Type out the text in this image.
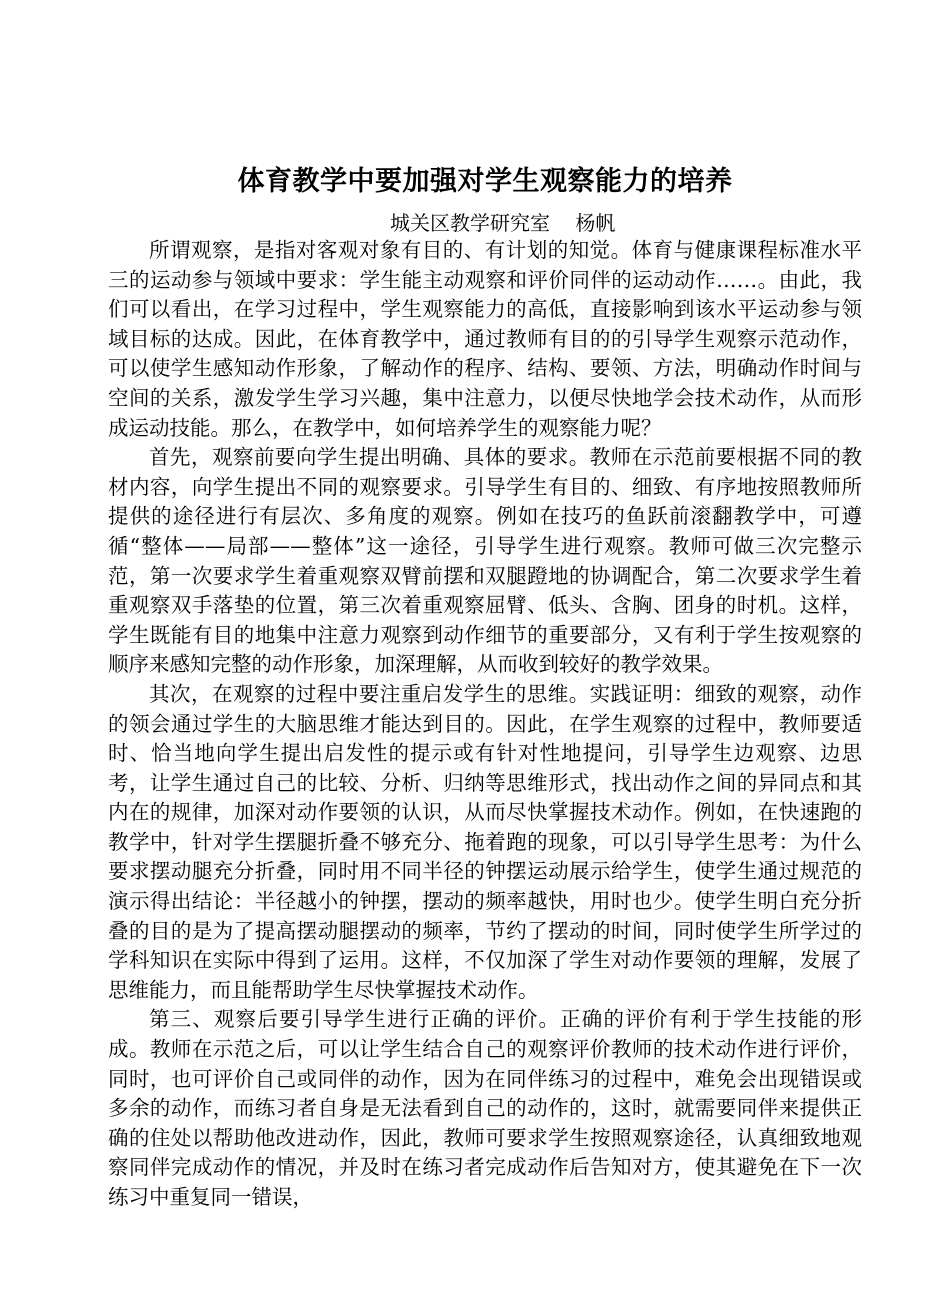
体育教学中要加强对学生观察能力的培养
城关区教学研究室    杨帆

所谓观察，是指对客观对象有目的、有计划的知觉。体育与健康课程标准水平三的运动参与领域中要求：学生能主动观察和评价同伴的运动动作……。由此，我们可以看出，在学习过程中，学生观察能力的高低，直接影响到该水平运动参与领域目标的达成。因此，在体育教学中，通过教师有目的的引导学生观察示范动作，可以使学生感知动作形象，了解动作的程序、结构、要领、方法，明确动作时间与空间的关系，激发学生学习兴趣，集中注意力，以便尽快地学会技术动作，从而形成运动技能。那么，在教学中，如何培养学生的观察能力呢？

首先，观察前要向学生提出明确、具体的要求。教师在示范前要根据不同的教材内容，向学生提出不同的观察要求。引导学生有目的、细致、有序地按照教师所提供的途径进行有层次、多角度的观察。例如在技巧的鱼跃前滚翻教学中，可遵循“整体——局部——整体”这一途径，引导学生进行观察。教师可做三次完整示范，第一次要求学生着重观察双臂前摆和双腿蹬地的协调配合，第二次要求学生着重观察双手落垫的位置，第三次着重观察屈臂、低头、含胸、团身的时机。这样，学生既能有目的地集中注意力观察到动作细节的重要部分，又有利于学生按观察的顺序来感知完整的动作形象，加深理解，从而收到较好的教学效果。

其次，在观察的过程中要注重启发学生的思维。实践证明：细致的观察，动作的领会通过学生的大脑思维才能达到目的。因此，在学生观察的过程中，教师要适时、恰当地向学生提出启发性的提示或有针对性地提问，引导学生边观察、边思考，让学生通过自己的比较、分析、归纳等思维形式，找出动作之间的异同点和其内在的规律，加深对动作要领的认识，从而尽快掌握技术动作。例如，在快速跑的教学中，针对学生摆腿折叠不够充分、拖着跑的现象，可以引导学生思考：为什么要求摆动腿充分折叠，同时用不同半径的钟摆运动展示给学生，使学生通过规范的演示得出结论：半径越小的钟摆，摆动的频率越快，用时也少。使学生明白充分折叠的目的是为了提高摆动腿摆动的频率，节约了摆动的时间，同时使学生所学过的学科知识在实际中得到了运用。这样，不仅加深了学生对动作要领的理解，发展了思维能力，而且能帮助学生尽快掌握技术动作。

第三、观察后要引导学生进行正确的评价。正确的评价有利于学生技能的形成。教师在示范之后，可以让学生结合自己的观察评价教师的技术动作进行评价，同时，也可评价自己或同伴的动作，因为在同伴练习的过程中，难免会出现错误或多余的动作，而练习者自身是无法看到自己的动作的，这时，就需要同伴来提供正确的住处以帮助他改进动作，因此，教师可要求学生按照观察途径，认真细致地观察同伴完成动作的情况，并及时在练习者完成动作后告知对方，使其避免在下一次练习中重复同一错误，
